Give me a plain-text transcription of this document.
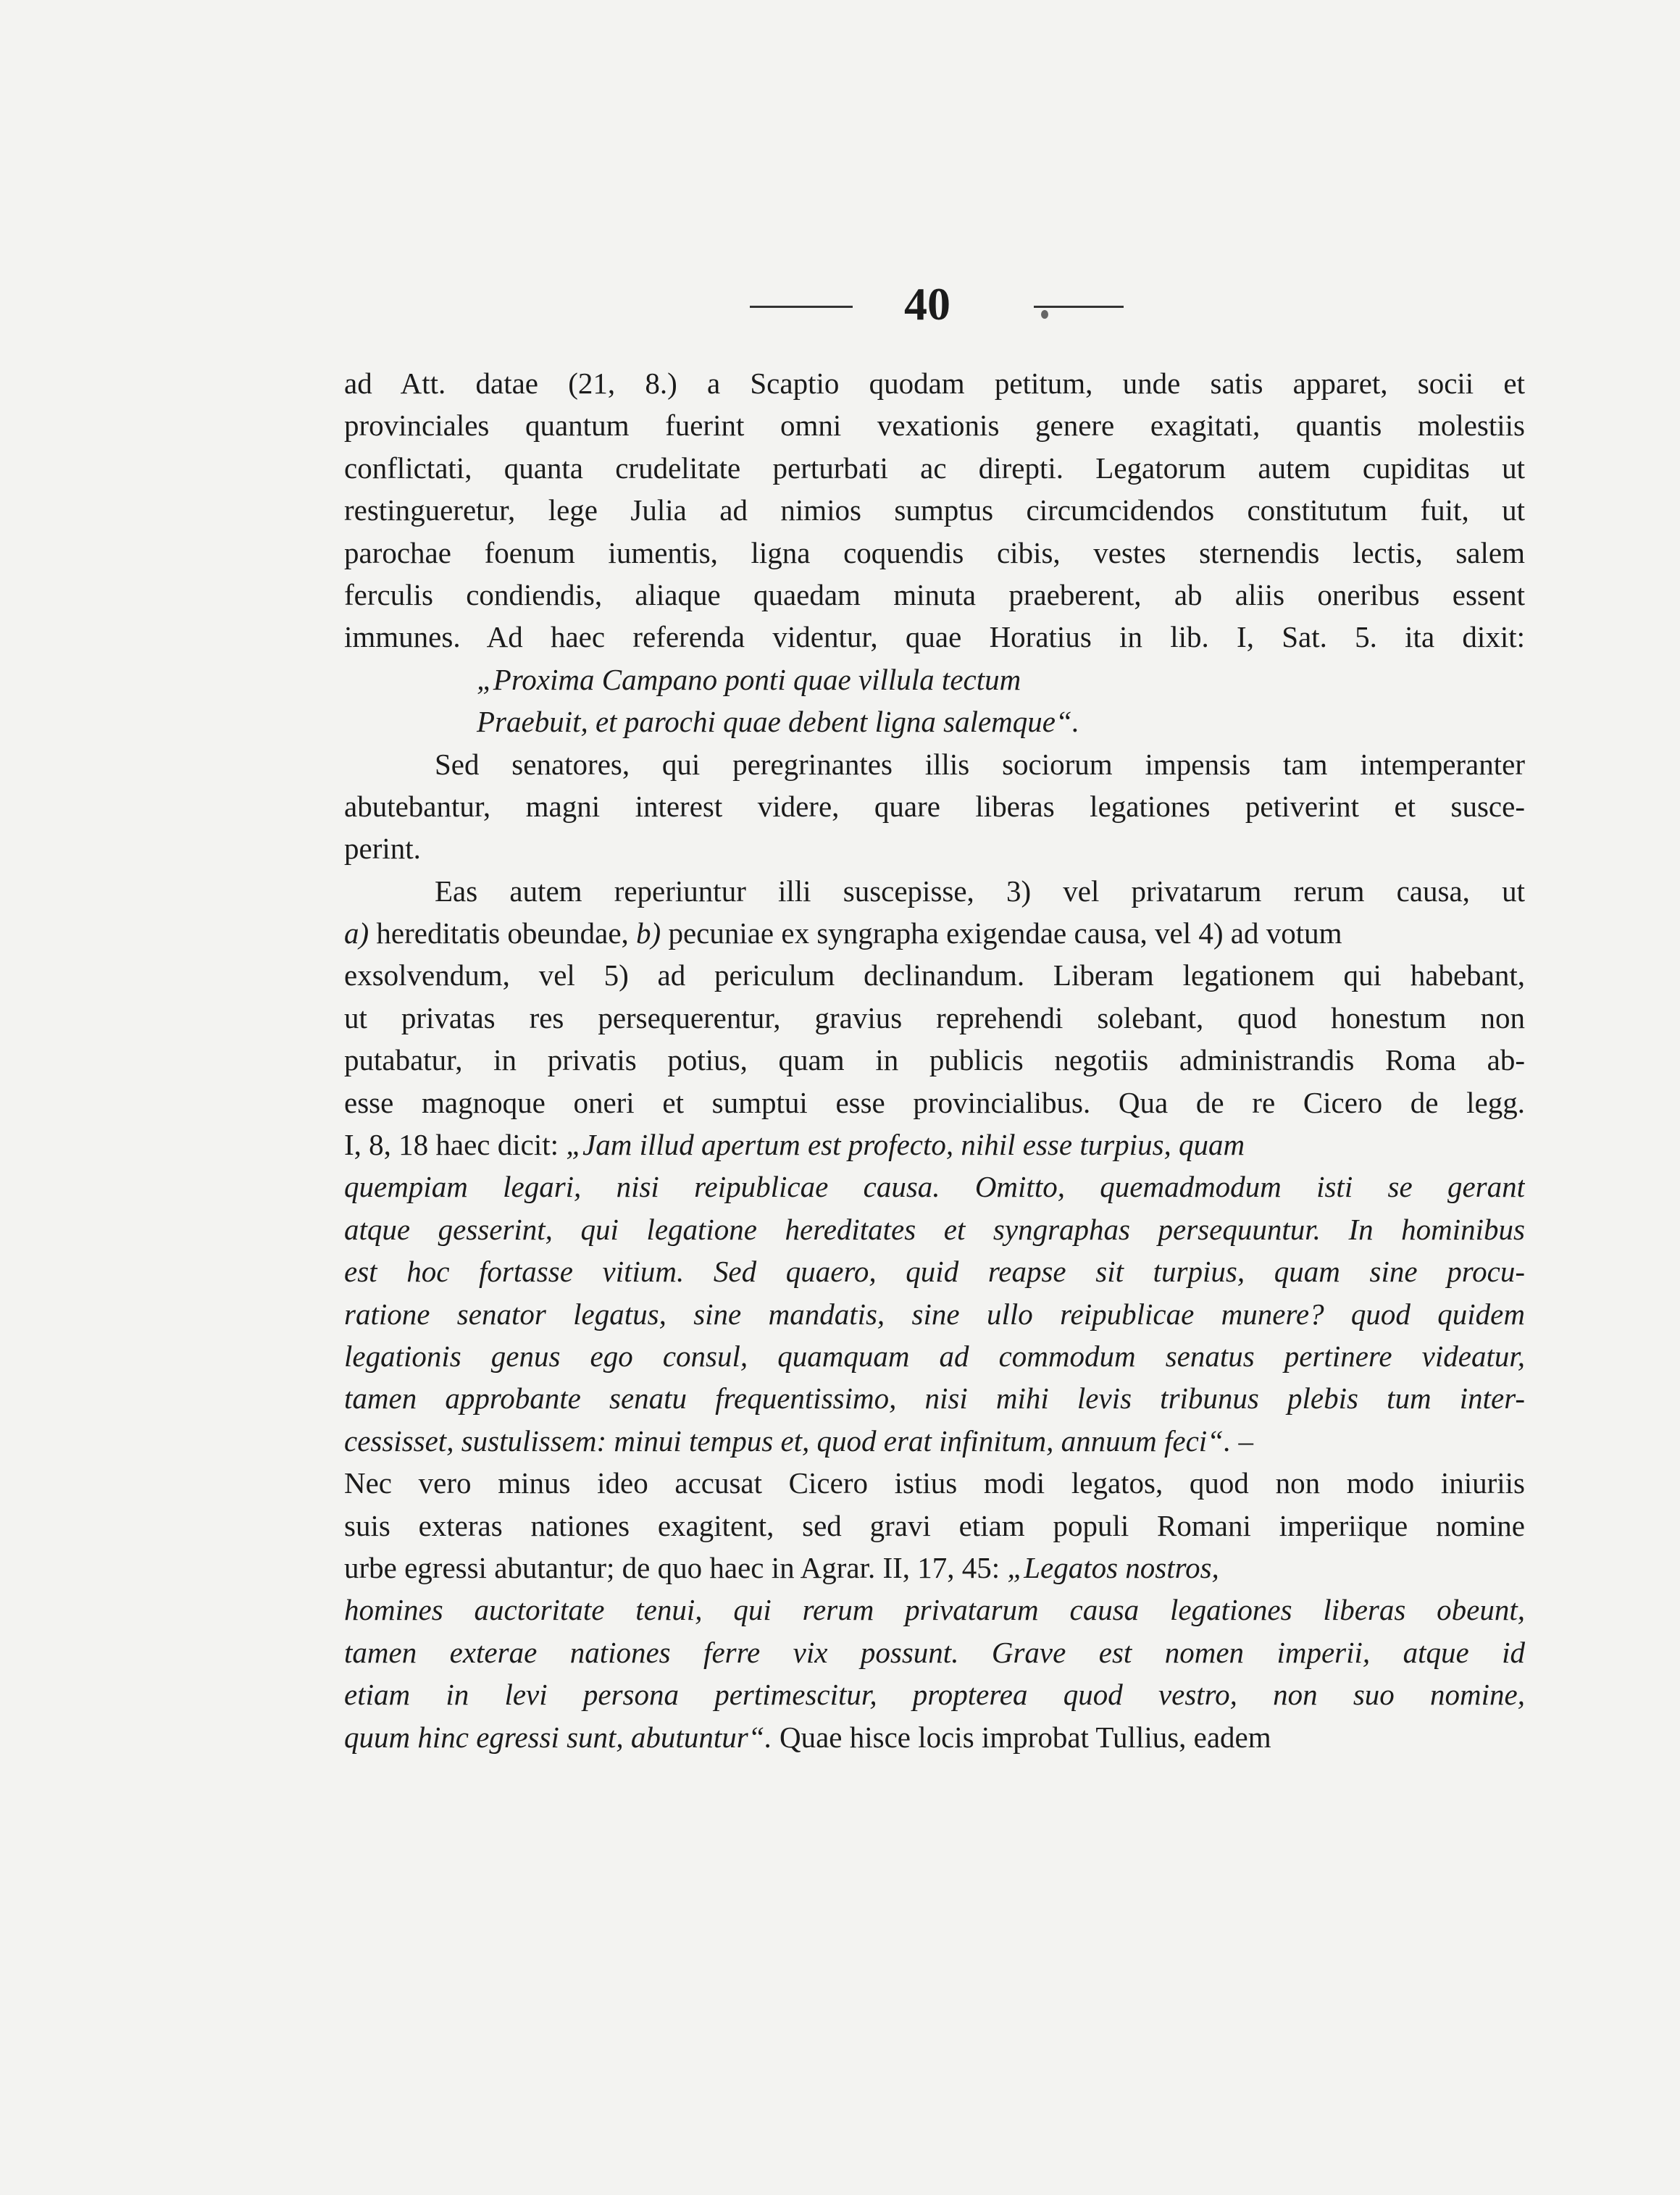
40
ad Att. datae (21, 8.) a Scaptio quodam petitum, unde satis apparet, socii et
provinciales quantum fuerint omni vexationis genere exagitati, quantis molestiis
conflictati, quanta crudelitate perturbati ac direpti. Legatorum autem cupiditas ut
restingueretur, lege Julia ad nimios sumptus circumcidendos constitutum fuit, ut
parochae foenum iumentis, ligna coquendis cibis, vestes sternendis lectis, salem
ferculis condiendis, aliaque quaedam minuta praeberent, ab aliis oneribus essent
immunes. Ad haec referenda videntur, quae Horatius in lib. I, Sat. 5. ita dixit:
„Proxima Campano ponti quae villula tectum
Praebuit, et parochi quae debent ligna salemque“.
Sed senatores, qui peregrinantes illis sociorum impensis tam intemperanter
abutebantur, magni interest videre, quare liberas legationes petiverint et susce-
perint.
Eas autem reperiuntur illi suscepisse, 3) vel privatarum rerum causa, ut
a) hereditatis obeundae, b) pecuniae ex syngrapha exigendae causa, vel 4) ad votum
exsolvendum, vel 5) ad periculum declinandum. Liberam legationem qui habebant,
ut privatas res persequerentur, gravius reprehendi solebant, quod honestum non
putabatur, in privatis potius, quam in publicis negotiis administrandis Roma ab-
esse magnoque oneri et sumptui esse provincialibus. Qua de re Cicero de legg.
I, 8, 18 haec dicit: „Jam illud apertum est profecto, nihil esse turpius, quam
quempiam legari, nisi reipublicae causa. Omitto, quemadmodum isti se gerant
atque gesserint, qui legatione hereditates et syngraphas persequuntur. In hominibus
est hoc fortasse vitium. Sed quaero, quid reapse sit turpius, quam sine procu-
ratione senator legatus, sine mandatis, sine ullo reipublicae munere? quod quidem
legationis genus ego consul, quamquam ad commodum senatus pertinere videatur,
tamen approbante senatu frequentissimo, nisi mihi levis tribunus plebis tum inter-
cessisset, sustulissem: minui tempus et, quod erat infinitum, annuum feci“. –
Nec vero minus ideo accusat Cicero istius modi legatos, quod non modo iniuriis
suis exteras nationes exagitent, sed gravi etiam populi Romani imperiique nomine
urbe egressi abutantur; de quo haec in Agrar. II, 17, 45: „Legatos nostros,
homines auctoritate tenui, qui rerum privatarum causa legationes liberas obeunt,
tamen exterae nationes ferre vix possunt. Grave est nomen imperii, atque id
etiam in levi persona pertimescitur, propterea quod vestro, non suo nomine,
quum hinc egressi sunt, abutuntur“. Quae hisce locis improbat Tullius, eadem
